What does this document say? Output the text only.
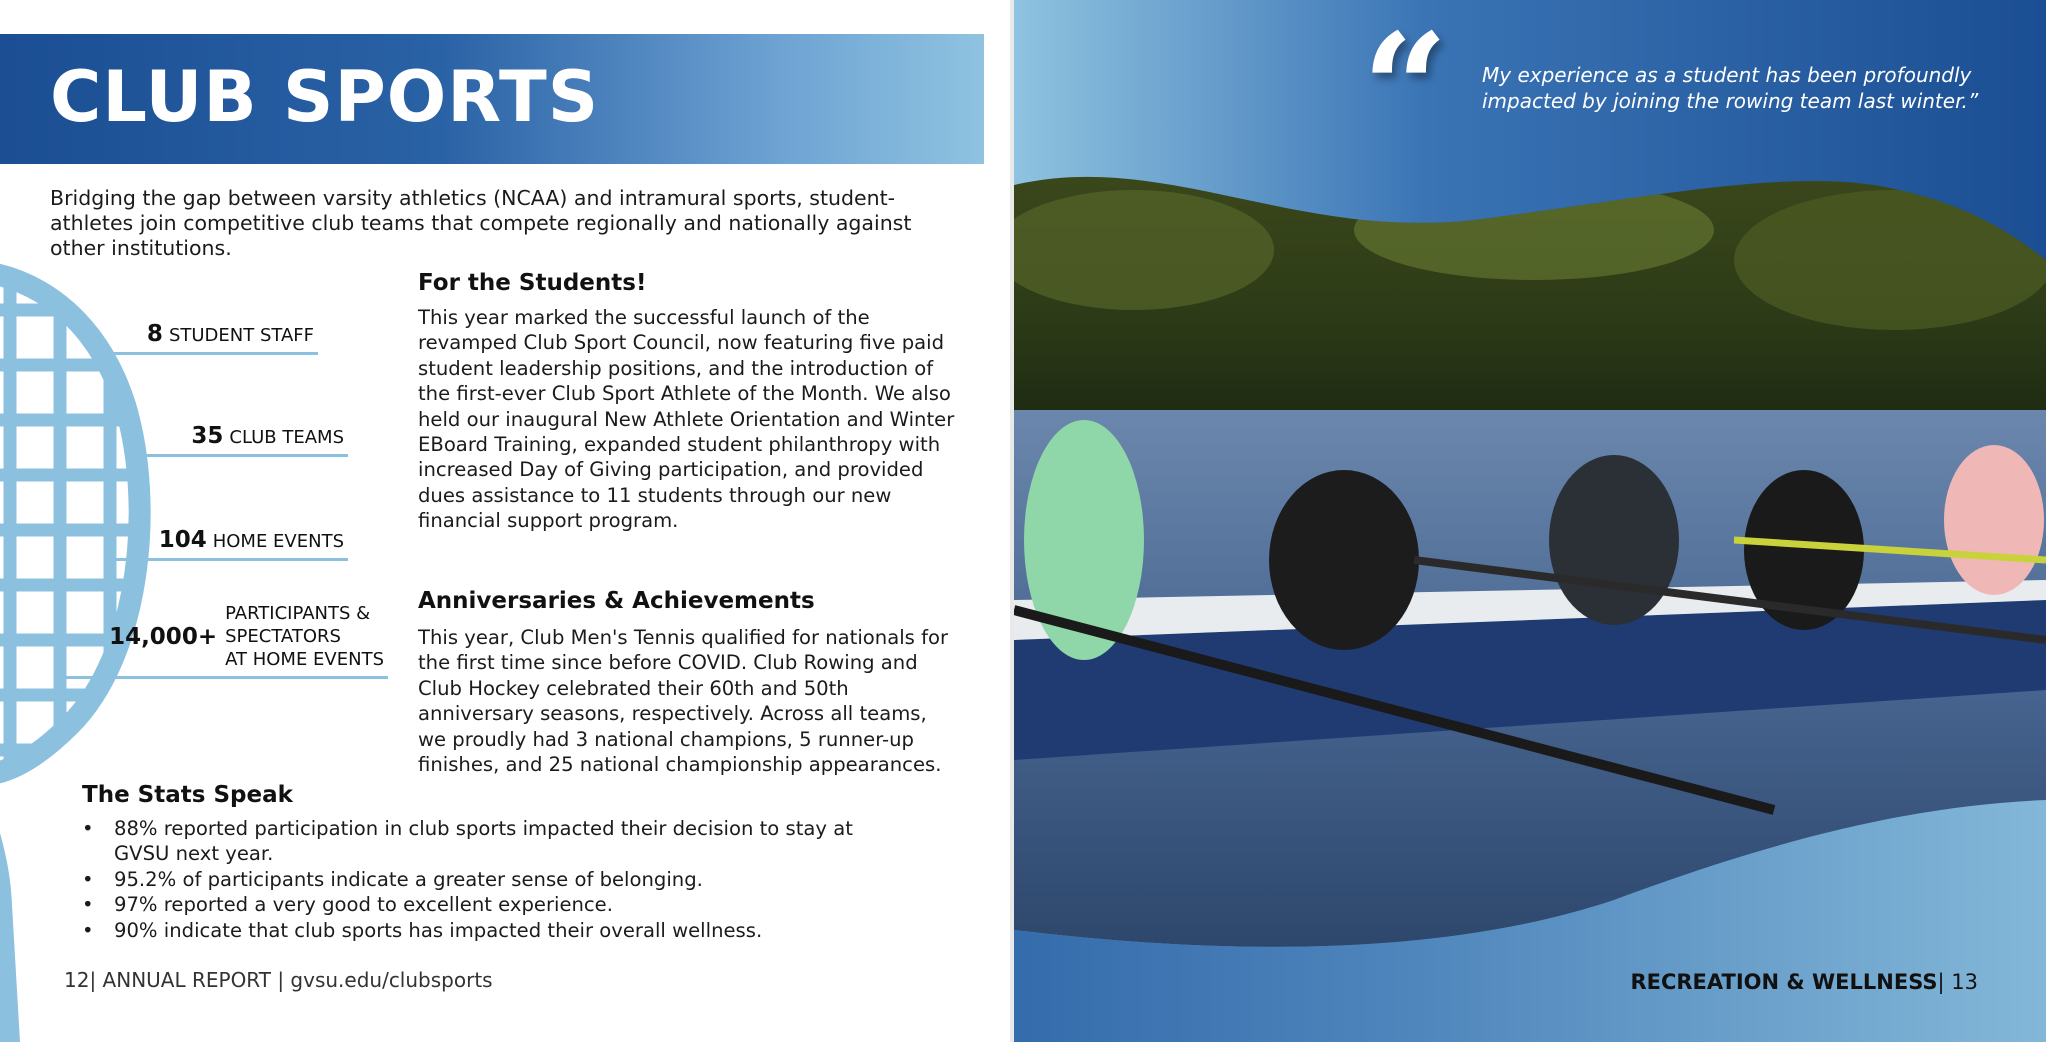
CLUB SPORTS
Bridging the gap between varsity athletics (NCAA) and intramural sports, student-athletes join competitive club teams that compete regionally and nationally against other institutions.
8 STUDENT STAFF
35 CLUB TEAMS
104 HOME EVENTS
14,000+
PARTICIPANTS &
SPECTATORS
AT HOME EVENTS
For the Students!
This year marked the successful launch of the revamped Club Sport Council, now featuring five paid student leadership positions, and the introduction of the first-ever Club Sport Athlete of the Month. We also held our inaugural New Athlete Orientation and Winter EBoard Training, expanded student philanthropy with increased Day of Giving participation, and provided dues assistance to 11 students through our new financial support program.
Anniversaries & Achievements
This year, Club Men's Tennis qualified for nationals for the first time since before COVID. Club Rowing and Club Hockey celebrated their 60th and 50th anniversary seasons, respectively. Across all teams, we proudly had 3 national champions, 5 runner-up finishes, and 25 national championship appearances.
The Stats Speak
• 88% reported participation in club sports impacted their decision to stay at GVSU next year.
• 95.2% of participants indicate a greater sense of belonging.
• 97% reported a very good to excellent experience.
• 90% indicate that club sports has impacted their overall wellness.
12| ANNUAL REPORT | gvsu.edu/clubsports
“ My experience as a student has been profoundly impacted by joining the rowing team last winter.”
RECREATION & WELLNESS| 13
